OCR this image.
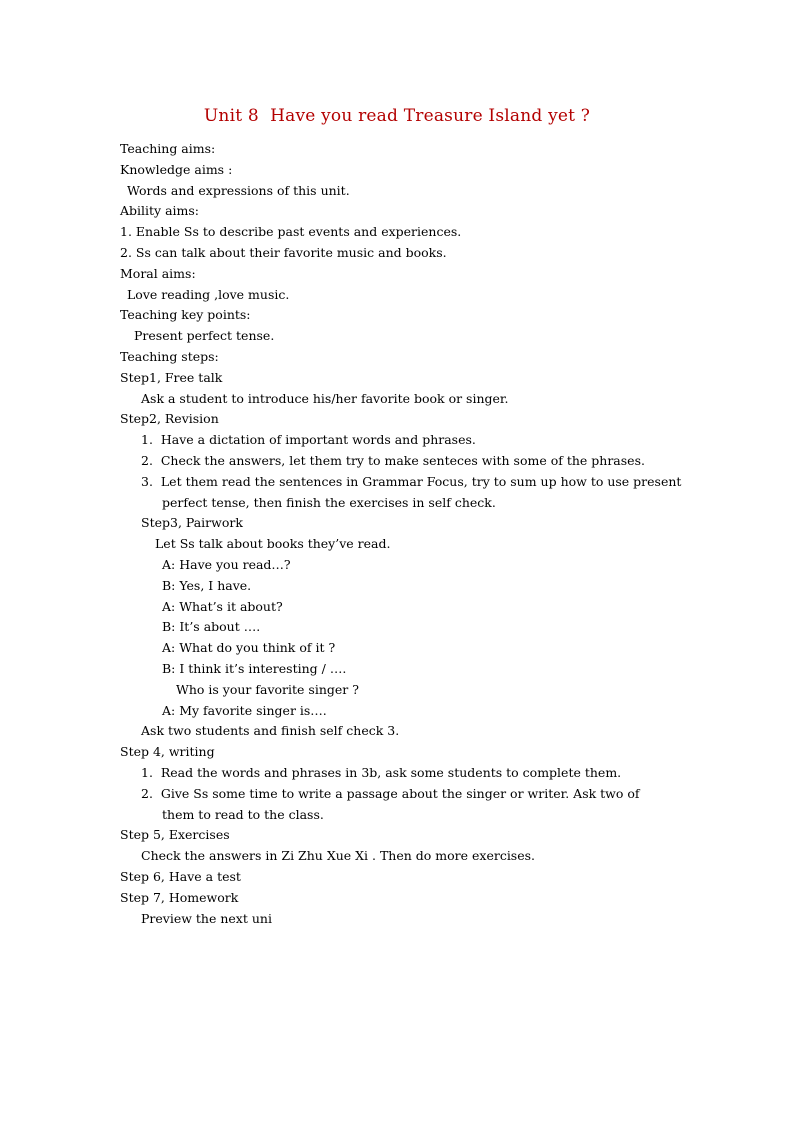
Unit 8  Have you read Treasure Island yet ?
Teaching aims:
Knowledge aims :
Words and expressions of this unit.
Ability aims:
1. Enable Ss to describe past events and experiences.
2. Ss can talk about their favorite music and books.
Moral aims:
Love reading ,love music.
Teaching key points:
Present perfect tense.
Teaching steps:
Step1, Free talk
Ask a student to introduce his/her favorite book or singer.
Step2, Revision
1.  Have a dictation of important words and phrases.
2.  Check the answers, let them try to make senteces with some of the phrases.
3.  Let them read the sentences in Grammar Focus, try to sum up how to use present
perfect tense, then finish the exercises in self check.
Step3, Pairwork
Let Ss talk about books they’ve read.
A: Have you read…?
B: Yes, I have.
A: What’s it about?
B: It’s about ….
A: What do you think of it ?
B: I think it’s interesting / ….
Who is your favorite singer ?
A: My favorite singer is….
Ask two students and finish self check 3.
Step 4, writing
1.  Read the words and phrases in 3b, ask some students to complete them.
2.  Give Ss some time to write a passage about the singer or writer. Ask two of
them to read to the class.
Step 5, Exercises
Check the answers in Zi Zhu Xue Xi . Then do more exercises.
Step 6, Have a test
Step 7, Homework
Preview the next uni
